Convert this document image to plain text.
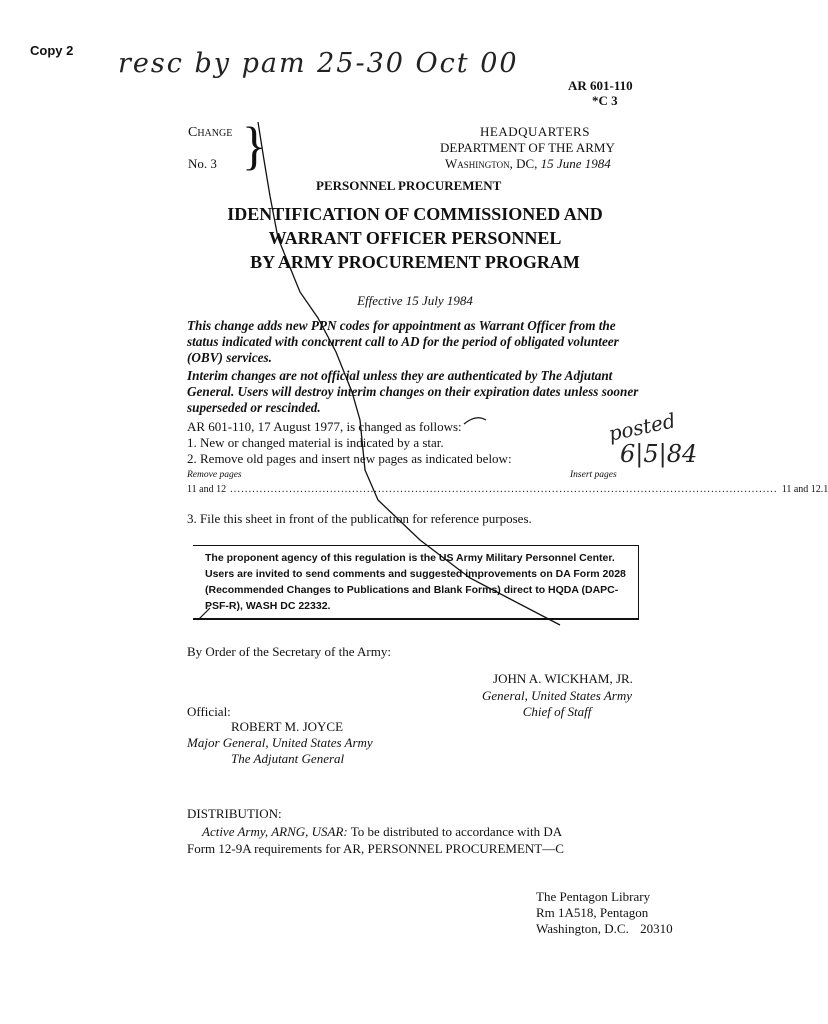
Copy 2 resc by pam 25-30 Oct 00
posted
6|5|84
AR 601-110
*C 3
Change
No. 3 }	HEADQUARTERS
DEPARTMENT OF THE ARMY
Washington, DC, 15 June 1984
PERSONNEL PROCUREMENT
IDENTIFICATION OF COMMISSIONED AND
WARRANT OFFICER PERSONNEL
BY ARMY PROCUREMENT PROGRAM
Effective 15 July 1984
This change adds new PPN codes for appointment as Warrant Officer from the status indicated with concurrent call to AD for the period of obligated volunteer (OBV) services.
Interim changes are not official unless they are authenticated by The Adjutant General. Users will destroy interim changes on their expiration dates unless sooner superseded or rescinded.
AR 601-110, 17 August 1977, is changed as follows:
1. New or changed material is indicated by a star.
2. Remove old pages and insert new pages as indicated below:
Remove pages	Insert pages
11 and 12 .................................................................................................................................................... 11 and 12.1
3. File this sheet in front of the publication for reference purposes.
The proponent agency of this regulation is the US Army Military Personnel Center. Users are invited to send comments and suggested improvements on DA Form 2028 (Recommended Changes to Publications and Blank Forms) direct to HQDA (DAPC-PSF-R), WASH DC 22332.
By Order of the Secretary of the Army:
JOHN A. WICKHAM, JR.
General, United States Army
Chief of Staff
Official:
ROBERT M. JOYCE
Major General, United States Army
The Adjutant General
DISTRIBUTION:
Active Army, ARNG, USAR: To be distributed to accordance with DA
Form 12-9A requirements for AR, PERSONNEL PROCUREMENT—C
The Pentagon Library
Rm 1A518, Pentagon
Washington, D.C. 20310
